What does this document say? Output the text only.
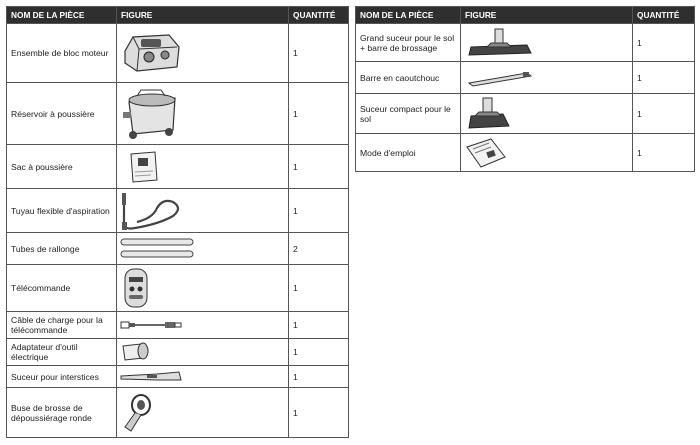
NOM DE LA PIÈCE	FIGURE	QUANTITÉ
Ensemble de bloc moteur		1
Réservoir à poussière		1
Sac à poussière		1
Tuyau flexible d'aspiration		1
Tubes de rallonge		2
Télécommande		1
Câble de charge pour la télécommande		1
Adaptateur d'outil électrique		1
Suceur pour interstices		1
Buse de brosse de dépoussiérage ronde		1
NOM DE LA PIÈCE	FIGURE	QUANTITÉ
Grand suceur pour le sol + barre de brossage		1
Barre en caoutchouc		1
Suceur compact pour le sol		1
Mode d'emploi		1
